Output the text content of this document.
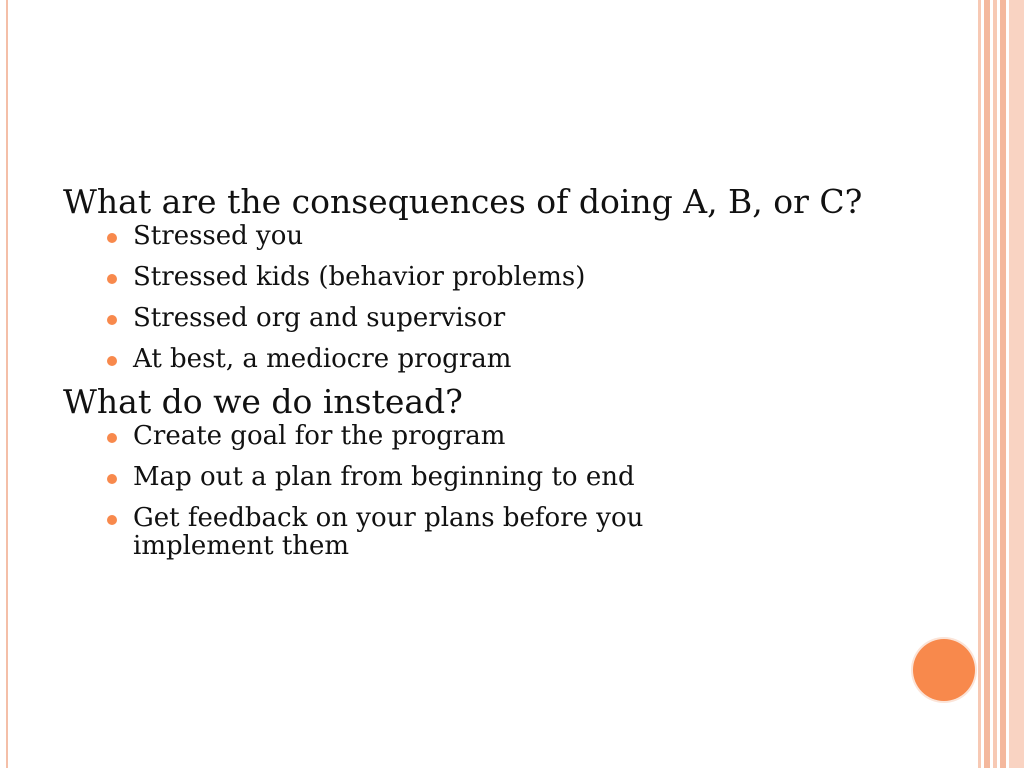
What are the consequences of doing A, B, or C?
Stressed you
Stressed kids (behavior problems)
Stressed org and supervisor
At best, a mediocre program
What do we do instead?
Create goal for the program
Map out a plan from beginning to end
Get feedback on your plans before you implement them
